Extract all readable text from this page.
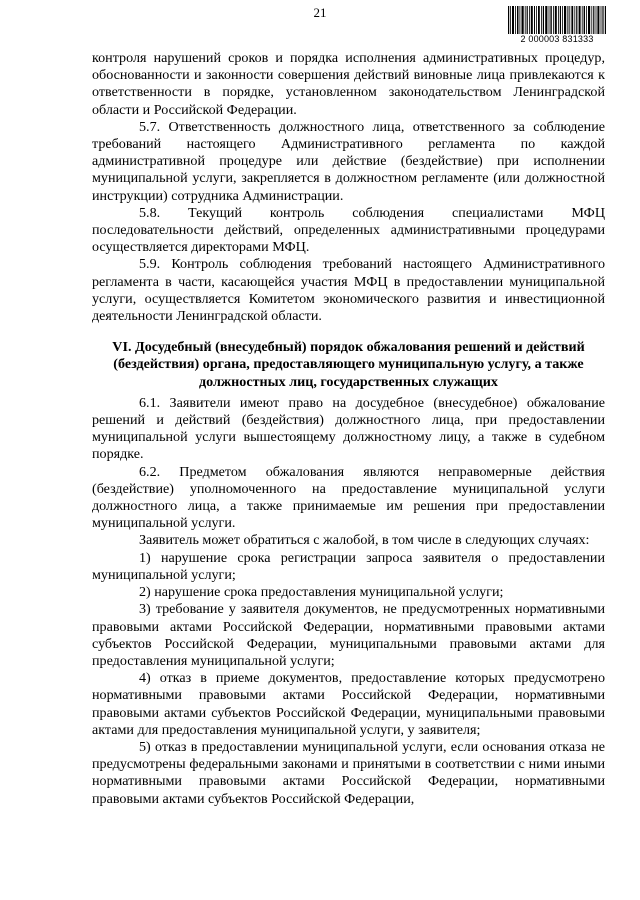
21
2 000003 831333

контроля нарушений сроков и порядка исполнения административных процедур, обоснованности и законности совершения действий виновные лица привлекаются к ответственности в порядке, установленном законодательством Ленинградской области и Российской Федерации.

5.7. Ответственность должностного лица, ответственного за соблюдение требований настоящего Административного регламента по каждой административной процедуре или действие (бездействие) при исполнении муниципальной услуги, закрепляется в должностном регламенте (или должностной инструкции) сотрудника Администрации.

5.8. Текущий контроль соблюдения специалистами МФЦ последовательности действий, определенных административными процедурами осуществляется директорами МФЦ.

5.9. Контроль соблюдения требований настоящего Административного регламента в части, касающейся участия МФЦ в предоставлении муниципальной услуги, осуществляется Комитетом экономического развития и инвестиционной деятельности Ленинградской области.

VI. Досудебный (внесудебный) порядок обжалования решений и действий (бездействия) органа, предоставляющего муниципальную услугу, а также должностных лиц, государственных служащих

6.1. Заявители имеют право на досудебное (внесудебное) обжалование решений и действий (бездействия) должностного лица, при предоставлении муниципальной услуги вышестоящему должностному лицу, а также в судебном порядке.

6.2. Предметом обжалования являются неправомерные действия (бездействие) уполномоченного на предоставление муниципальной услуги должностного лица, а также принимаемые им решения при предоставлении муниципальной услуги.

Заявитель может обратиться с жалобой, в том числе в следующих случаях:

1) нарушение срока регистрации запроса заявителя о предоставлении муниципальной услуги;

2) нарушение срока предоставления муниципальной услуги;

3) требование у заявителя документов, не предусмотренных нормативными правовыми актами Российской Федерации, нормативными правовыми актами субъектов Российской Федерации, муниципальными правовыми актами для предоставления муниципальной услуги;

4) отказ в приеме документов, предоставление которых предусмотрено нормативными правовыми актами Российской Федерации, нормативными правовыми актами субъектов Российской Федерации, муниципальными правовыми актами для предоставления муниципальной услуги, у заявителя;

5) отказ в предоставлении муниципальной услуги, если основания отказа не предусмотрены федеральными законами и принятыми в соответствии с ними иными нормативными правовыми актами Российской Федерации, нормативными правовыми актами субъектов Российской Федерации,
